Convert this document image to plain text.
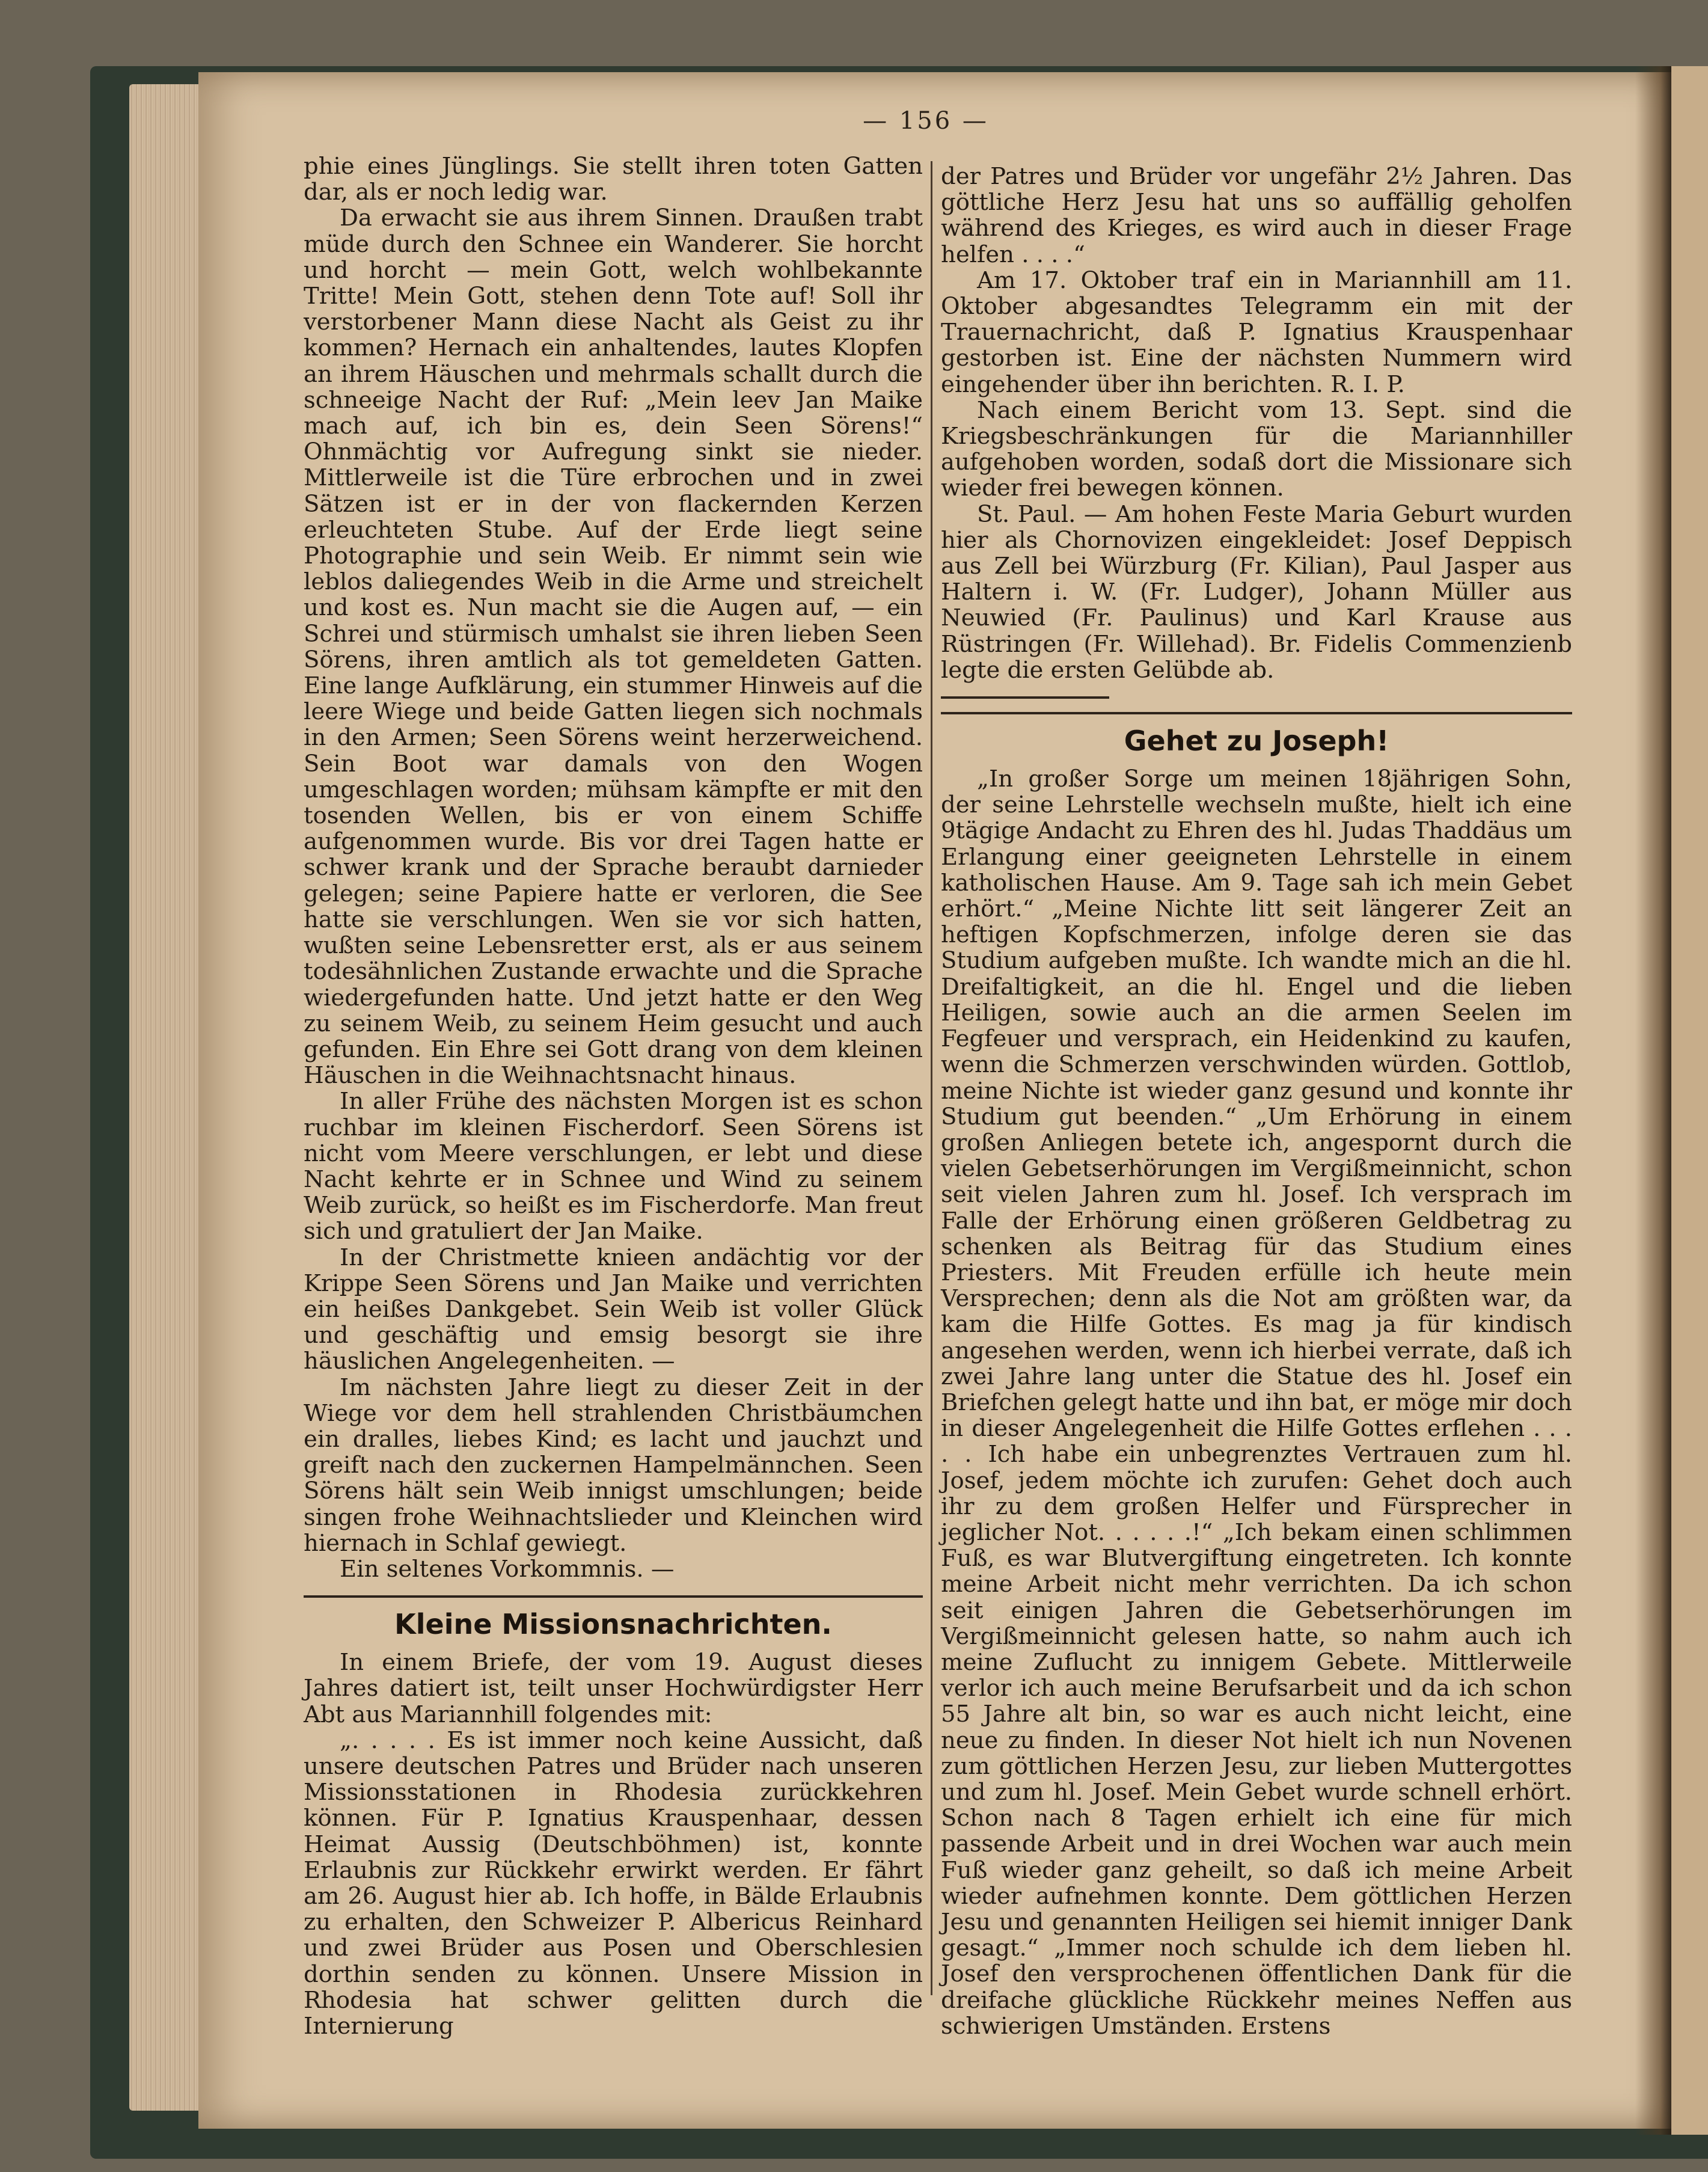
— 156 —

phie eines Jünglings. Sie stellt ihren toten Gatten dar, als er noch ledig war.

Da erwacht sie aus ihrem Sinnen. Draußen trabt müde durch den Schnee ein Wanderer. Sie horcht und horcht — mein Gott, welch wohlbekannte Tritte! Mein Gott, stehen denn Tote auf! Soll ihr verstorbener Mann diese Nacht als Geist zu ihr kommen? Hernach ein anhaltendes, lautes Klopfen an ihrem Häuschen und mehrmals schallt durch die schneeige Nacht der Ruf: „Mein leev Jan Maike mach auf, ich bin es, dein Seen Sörens!“ Ohnmächtig vor Aufregung sinkt sie nieder. Mittlerweile ist die Türe erbrochen und in zwei Sätzen ist er in der von flackernden Kerzen erleuchteten Stube. Auf der Erde liegt seine Photographie und sein Weib. Er nimmt sein wie leblos daliegendes Weib in die Arme und streichelt und kost es. Nun macht sie die Augen auf, — ein Schrei und stürmisch umhalst sie ihren lieben Seen Sörens, ihren amtlich als tot gemeldeten Gatten. Eine lange Aufklärung, ein stummer Hinweis auf die leere Wiege und beide Gatten liegen sich nochmals in den Armen; Seen Sörens weint herzerweichend. Sein Boot war damals von den Wogen umgeschlagen worden; mühsam kämpfte er mit den tosenden Wellen, bis er von einem Schiffe aufgenommen wurde. Bis vor drei Tagen hatte er schwer krank und der Sprache beraubt darnieder gelegen; seine Papiere hatte er verloren, die See hatte sie verschlungen. Wen sie vor sich hatten, wußten seine Lebensretter erst, als er aus seinem todesähnlichen Zustande erwachte und die Sprache wiedergefunden hatte. Und jetzt hatte er den Weg zu seinem Weib, zu seinem Heim gesucht und auch gefunden. Ein Ehre sei Gott drang von dem kleinen Häuschen in die Weihnachtsnacht hinaus.

In aller Frühe des nächsten Morgen ist es schon ruchbar im kleinen Fischerdorf. Seen Sörens ist nicht vom Meere verschlungen, er lebt und diese Nacht kehrte er in Schnee und Wind zu seinem Weib zurück, so heißt es im Fischerdorfe. Man freut sich und gratuliert der Jan Maike.

In der Christmette knieen andächtig vor der Krippe Seen Sörens und Jan Maike und verrichten ein heißes Dankgebet. Sein Weib ist voller Glück und geschäftig und emsig besorgt sie ihre häuslichen Angelegenheiten. —

Im nächsten Jahre liegt zu dieser Zeit in der Wiege vor dem hell strahlenden Christbäumchen ein dralles, liebes Kind; es lacht und jauchzt und greift nach den zuckernen Hampelmännchen. Seen Sörens hält sein Weib innigst umschlungen; beide singen frohe Weihnachtslieder und Kleinchen wird hiernach in Schlaf gewiegt.

Ein seltenes Vorkommnis. —

Kleine Missionsnachrichten.

In einem Briefe, der vom 19. August dieses Jahres datiert ist, teilt unser Hochwürdigster Herr Abt aus Mariannhill folgendes mit:

„. . . . . Es ist immer noch keine Aussicht, daß unsere deutschen Patres und Brüder nach unseren Missionsstationen in Rhodesia zurückkehren können. Für P. Ignatius Krauspenhaar, dessen Heimat Aussig (Deutschböhmen) ist, konnte Erlaubnis zur Rückkehr erwirkt werden. Er fährt am 26. August hier ab. Ich hoffe, in Bälde Erlaubnis zu erhalten, den Schweizer P. Albericus Reinhard und zwei Brüder aus Posen und Oberschlesien dorthin senden zu können. Unsere Mission in Rhodesia hat schwer gelitten durch die Internierung

der Patres und Brüder vor ungefähr 2½ Jahren. Das göttliche Herz Jesu hat uns so auffällig geholfen während des Krieges, es wird auch in dieser Frage helfen . . . .“

Am 17. Oktober traf ein in Mariannhill am 11. Oktober abgesandtes Telegramm ein mit der Trauernachricht, daß P. Ignatius Krauspenhaar gestorben ist. Eine der nächsten Nummern wird eingehender über ihn berichten. R. I. P.

Nach einem Bericht vom 13. Sept. sind die Kriegsbeschränkungen für die Mariannhiller aufgehoben worden, sodaß dort die Missionare sich wieder frei bewegen können.

St. Paul. — Am hohen Feste Maria Geburt wurden hier als Chornovizen eingekleidet: Josef Deppisch aus Zell bei Würzburg (Fr. Kilian), Paul Jasper aus Haltern i. W. (Fr. Ludger), Johann Müller aus Neuwied (Fr. Paulinus) und Karl Krause aus Rüstringen (Fr. Willehad). Br. Fidelis Commenzienb legte die ersten Gelübde ab.

Gehet zu Joseph!

„In großer Sorge um meinen 18jährigen Sohn, der seine Lehrstelle wechseln mußte, hielt ich eine 9tägige Andacht zu Ehren des hl. Judas Thaddäus um Erlangung einer geeigneten Lehrstelle in einem katholischen Hause. Am 9. Tage sah ich mein Gebet erhört.“ „Meine Nichte litt seit längerer Zeit an heftigen Kopfschmerzen, infolge deren sie das Studium aufgeben mußte. Ich wandte mich an die hl. Dreifaltigkeit, an die hl. Engel und die lieben Heiligen, sowie auch an die armen Seelen im Fegfeuer und versprach, ein Heidenkind zu kaufen, wenn die Schmerzen verschwinden würden. Gottlob, meine Nichte ist wieder ganz gesund und konnte ihr Studium gut beenden.“ „Um Erhörung in einem großen Anliegen betete ich, angespornt durch die vielen Gebetserhörungen im Vergißmeinnicht, schon seit vielen Jahren zum hl. Josef. Ich versprach im Falle der Erhörung einen größeren Geldbetrag zu schenken als Beitrag für das Studium eines Priesters. Mit Freuden erfülle ich heute mein Versprechen; denn als die Not am größten war, da kam die Hilfe Gottes. Es mag ja für kindisch angesehen werden, wenn ich hierbei verrate, daß ich zwei Jahre lang unter die Statue des hl. Josef ein Briefchen gelegt hatte und ihn bat, er möge mir doch in dieser Angelegenheit die Hilfe Gottes erflehen . . . . . Ich habe ein unbegrenztes Vertrauen zum hl. Josef, jedem möchte ich zurufen: Gehet doch auch ihr zu dem großen Helfer und Fürsprecher in jeglicher Not. . . . . .!“ „Ich bekam einen schlimmen Fuß, es war Blutvergiftung eingetreten. Ich konnte meine Arbeit nicht mehr verrichten. Da ich schon seit einigen Jahren die Gebetserhörungen im Vergißmeinnicht gelesen hatte, so nahm auch ich meine Zuflucht zu innigem Gebete. Mittlerweile verlor ich auch meine Berufsarbeit und da ich schon 55 Jahre alt bin, so war es auch nicht leicht, eine neue zu finden. In dieser Not hielt ich nun Novenen zum göttlichen Herzen Jesu, zur lieben Muttergottes und zum hl. Josef. Mein Gebet wurde schnell erhört. Schon nach 8 Tagen erhielt ich eine für mich passende Arbeit und in drei Wochen war auch mein Fuß wieder ganz geheilt, so daß ich meine Arbeit wieder aufnehmen konnte. Dem göttlichen Herzen Jesu und genannten Heiligen sei hiemit inniger Dank gesagt.“ „Immer noch schulde ich dem lieben hl. Josef den versprochenen öffentlichen Dank für die dreifache glückliche Rückkehr meines Neffen aus schwierigen Umständen. Erstens
